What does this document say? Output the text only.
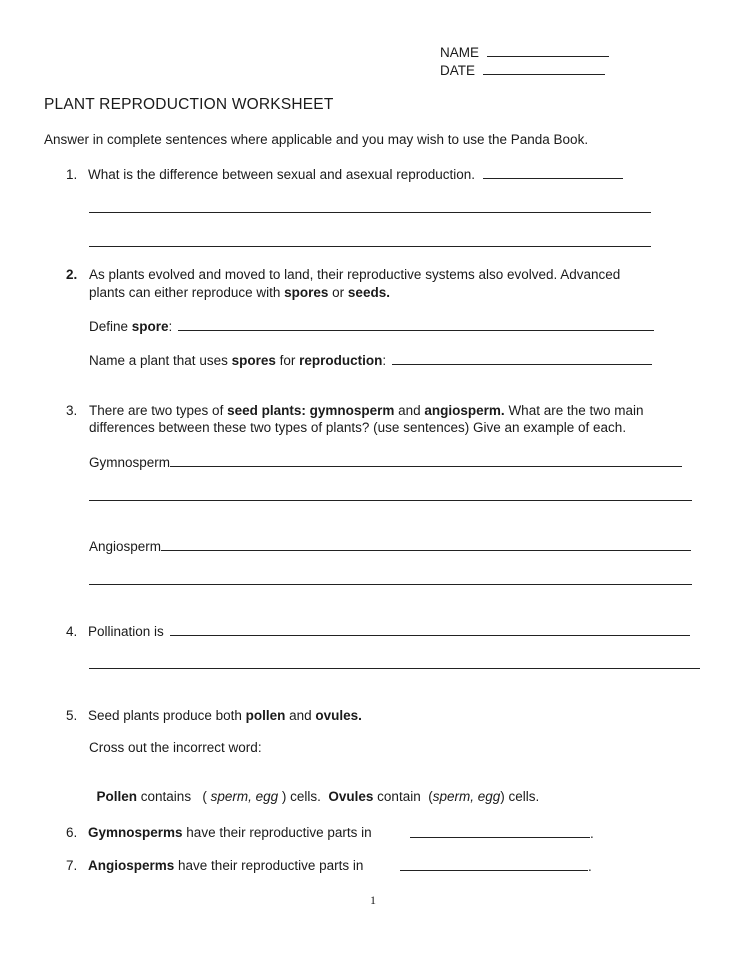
NAME
DATE
PLANT REPRODUCTION WORKSHEET
Answer in complete sentences where applicable and you may wish to use the Panda Book.
1. What is the difference between sexual and asexual reproduction.
2. As plants evolved and moved to land, their reproductive systems also evolved. Advanced
plants can either reproduce with spores or seeds.
Define spore:
Name a plant that uses spores for reproduction:
3. There are two types of seed plants: gymnosperm and angiosperm. What are the two main
differences between these two types of plants? (use sentences) Give an example of each.
Gymnosperm
Angiosperm
4. Pollination is
5. Seed plants produce both pollen and ovules.
Cross out the incorrect word:

Pollen contains   ( sperm, egg ) cells.  Ovules contain  (sperm, egg) cells.

6. Gymnosperms have their reproductive parts in	.
7. Angiosperms have their reproductive parts in	.
1
